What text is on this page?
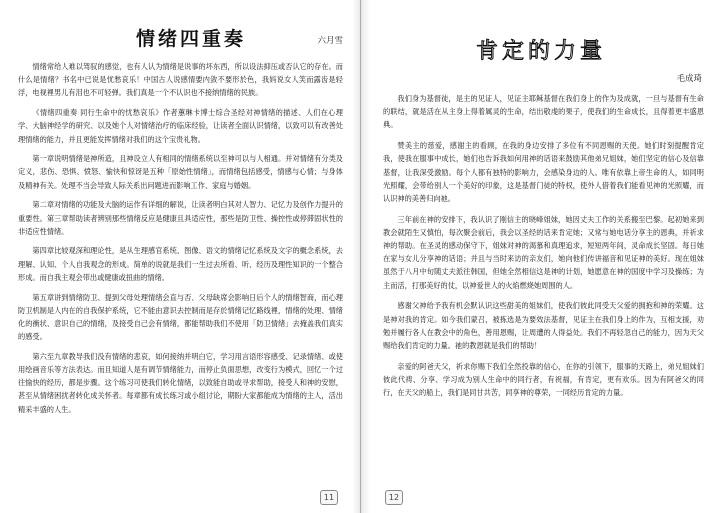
情绪四重奏	六月雪

情绪常给人难以驾驭的感觉，也有人认为情绪是说事的坏东西，所以设法抑压或否认它的存在。而什么是情绪？书名中已说是忧愁哀乐！中国古人说感情要内敛不要形於色，我妈说女人笑而露齿是轻浮，电视裡男儿有泪也不可轻弹。我们真是一个不认识也不接纳情绪的民族。

《情绪四重奏 同行生命中的忧愁哀乐》作者蕙琳卡博士综合圣经对神情绪的描述、人们在心理学、大脑神经学的研究、以及她个人对情绪治疗的临床经验，让读者全面认识情绪，以致可以有改善处理情绪的能力，并且更能发挥情绪对我们的这个宝贵礼物。

第一章说明情绪是神所造，且神设立人有相同的情绪系统以至神可以与人相通。并对情绪有分类及定义，悲伤、恐惧、愤怒、愉快和惊讶是五种「原始性情绪」，而情绪包括感受，情感与心情；与身体及精神有关。处理不当会导致人际关系出问题进而影响工作、家庭与婚姻。

第二章对情绪的功能及大脑的运作有详细的解说，让读者明白其对人智力、记忆力及创作力提升的重要性。第三章帮助读者辨别那些情绪反应是健康且具适应性，那些是防卫性、操控性或停滞固状性的非适应性情绪。

第四章比较观深和理论性，是从生理感官系统、图像、语文的情绪记忆系统及文字的概念系统，去理解、认知、个人自我观念的形成。简单的说就是我们一生过去所看、听、经历及理性知识的一个整合形成。而自我主观会带出或健康或扭曲的情绪。

第五章讲到情绪防卫、提到父母处理情绪会直与否、父母缺席会影响日后个人的情绪智商，而心理防卫机制是人内在的自我保护系统，它不能由意识去控制而是存於情绪记忆路线裡，情绪的处理、情绪化的衝状、意识自己的情绪，及接受自己会有情绪，都能帮助我们不使用「防卫情绪」去掩盖我们真实的感受。

第六至九章教导我们没有情绪的悲哀，如何接纳并明白它，学习用言语形容感受、记录情绪、或使用绘画音乐等方法表达。而且知道人是有调节情绪能力，而停止负面思想，改变行为模式，回忆一个过往愉快的经历，都是步骤。这个练习可使我们转化情绪，以致能自助或寻求帮助，接受人和神的安慰，甚至从情绪困扰者转化成关怀者。每章都有成长练习或小组讨论，期盼大家都能成为情绪的主人，活出精采丰盛的人生。

11
肯定的力量
毛成琦

我们身为基督徒，是主的见证人，见证主耶稣基督在我们身上的作为及成就，一旦与基督有生命的联结，就是活在从主身上得着属灵的生命，结出敬虔的果子，使我们的生命成长，且得着更丰盛恩典。

赞美主的慈爱，感谢主的看顾，在我的身边安排了多位有不同恩赐的天使。她们时刻提醒肯定我，使我在服事中成长，她们也告诉我如何用神的话语来鼓励其他弟兄姐妹，她们坚定的信心及信靠基督，让我深受激励。每个人都有独特的影响力，会感染身边的人。唯有依靠上帝生命的人，如同明光照耀，会带给别人一个美好的印象，这是基督门徒的特权，使外人借着我们能看见神的光照耀，而认识神的美善归向祂。

三年前在神的安排下，我认识了刚信主的晓峰姐妹，她因丈夫工作的关系搬至巴黎。起初她来到教会就陌生又慎怕，每次聚会前后，我会以圣经的话来肯定她；又常与她电话分享主的恩典，并祈求神的帮助。在圣灵的感动保守下，姐妹对神的渴慕和真理追求，短短两年间，灵命成长坚固。每日她在家与女儿分享神的话语；并且与当时来访的亲友们，她向他们传讲福音和见证神的美好。现在姐妹虽然于八月中旬随丈夫派往韩国，但她全然相信这是神的计划，她愿意在神的国度中学习及操练；为主而活，打那美好的仗，以神爱世人的火焰燃烧她周围的人。

感谢父神给予我有机会默认识这些甜美的姐妹们，使我们彼此同受天父爱的拥抱和神的荣耀。这是神对我的肯定。如今我们蒙召，被拣选是为要效法基督，见证主在我们身上的作为，互相支援，劝勉并履行各人在教会中的角色，善用恩赐，让周遭的人得益处。我们不再轻忽自己的能力，因为天父赐给我们肯定的力量。祂的教恩就是我们的帮助！

亲爱的阿爸天父，祈求你赐下我们全然投靠的信心，在你的引领下，服事的天路上，弟兄姐妹们彼此代祷、分享、学习成为别人生命中的同行者，有祝福，有肯定，更有欢乐。因为有阿爸父的同行，在天父的船上，我们是同甘共苦，同享神的尊荣，一同经历肯定的力量。

12
